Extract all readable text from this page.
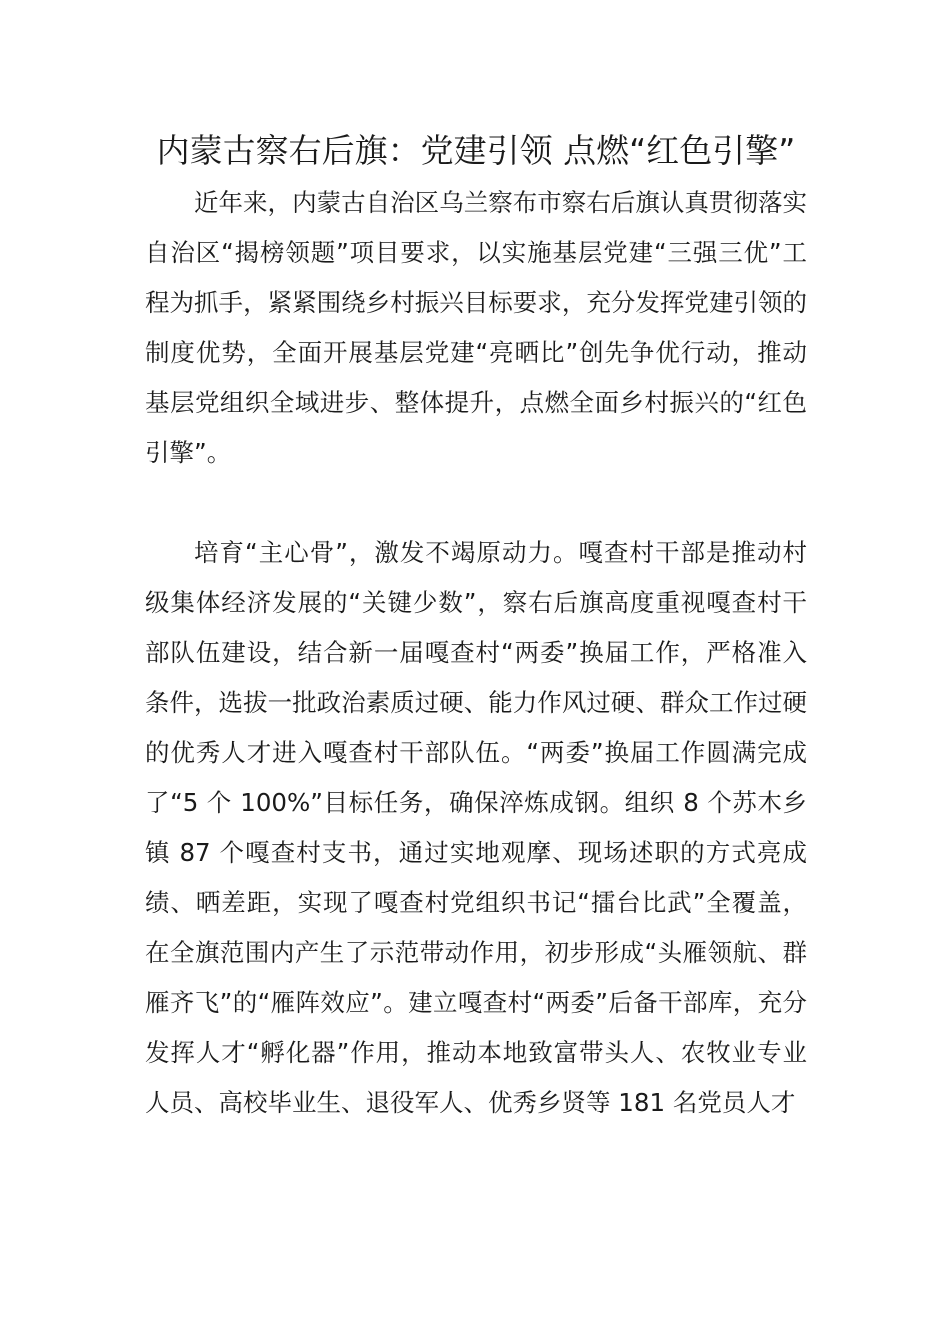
内蒙古察右后旗：党建引领 点燃“红色引擎”

近年来，内蒙古自治区乌兰察布市察右后旗认真贯彻落实自治区“揭榜领题”项目要求，以实施基层党建“三强三优”工程为抓手，紧紧围绕乡村振兴目标要求，充分发挥党建引领的制度优势，全面开展基层党建“亮晒比”创先争优行动，推动基层党组织全域进步、整体提升，点燃全面乡村振兴的“红色引擎”。

培育“主心骨”，激发不竭原动力。嘎查村干部是推动村级集体经济发展的“关键少数”，察右后旗高度重视嘎查村干部队伍建设，结合新一届嘎查村“两委”换届工作，严格准入条件，选拔一批政治素质过硬、能力作风过硬、群众工作过硬的优秀人才进入嘎查村干部队伍。“两委”换届工作圆满完成了“5 个 100%”目标任务，确保淬炼成钢。组织 8 个苏木乡镇 87 个嘎查村支书，通过实地观摩、现场述职的方式亮成绩、晒差距，实现了嘎查村党组织书记“擂台比武”全覆盖，在全旗范围内产生了示范带动作用，初步形成“头雁领航、群雁齐飞”的“雁阵效应”。建立嘎查村“两委”后备干部库，充分发挥人才“孵化器”作用，推动本地致富带头人、农牧业专业人员、高校毕业生、退役军人、优秀乡贤等 181 名党员人才
